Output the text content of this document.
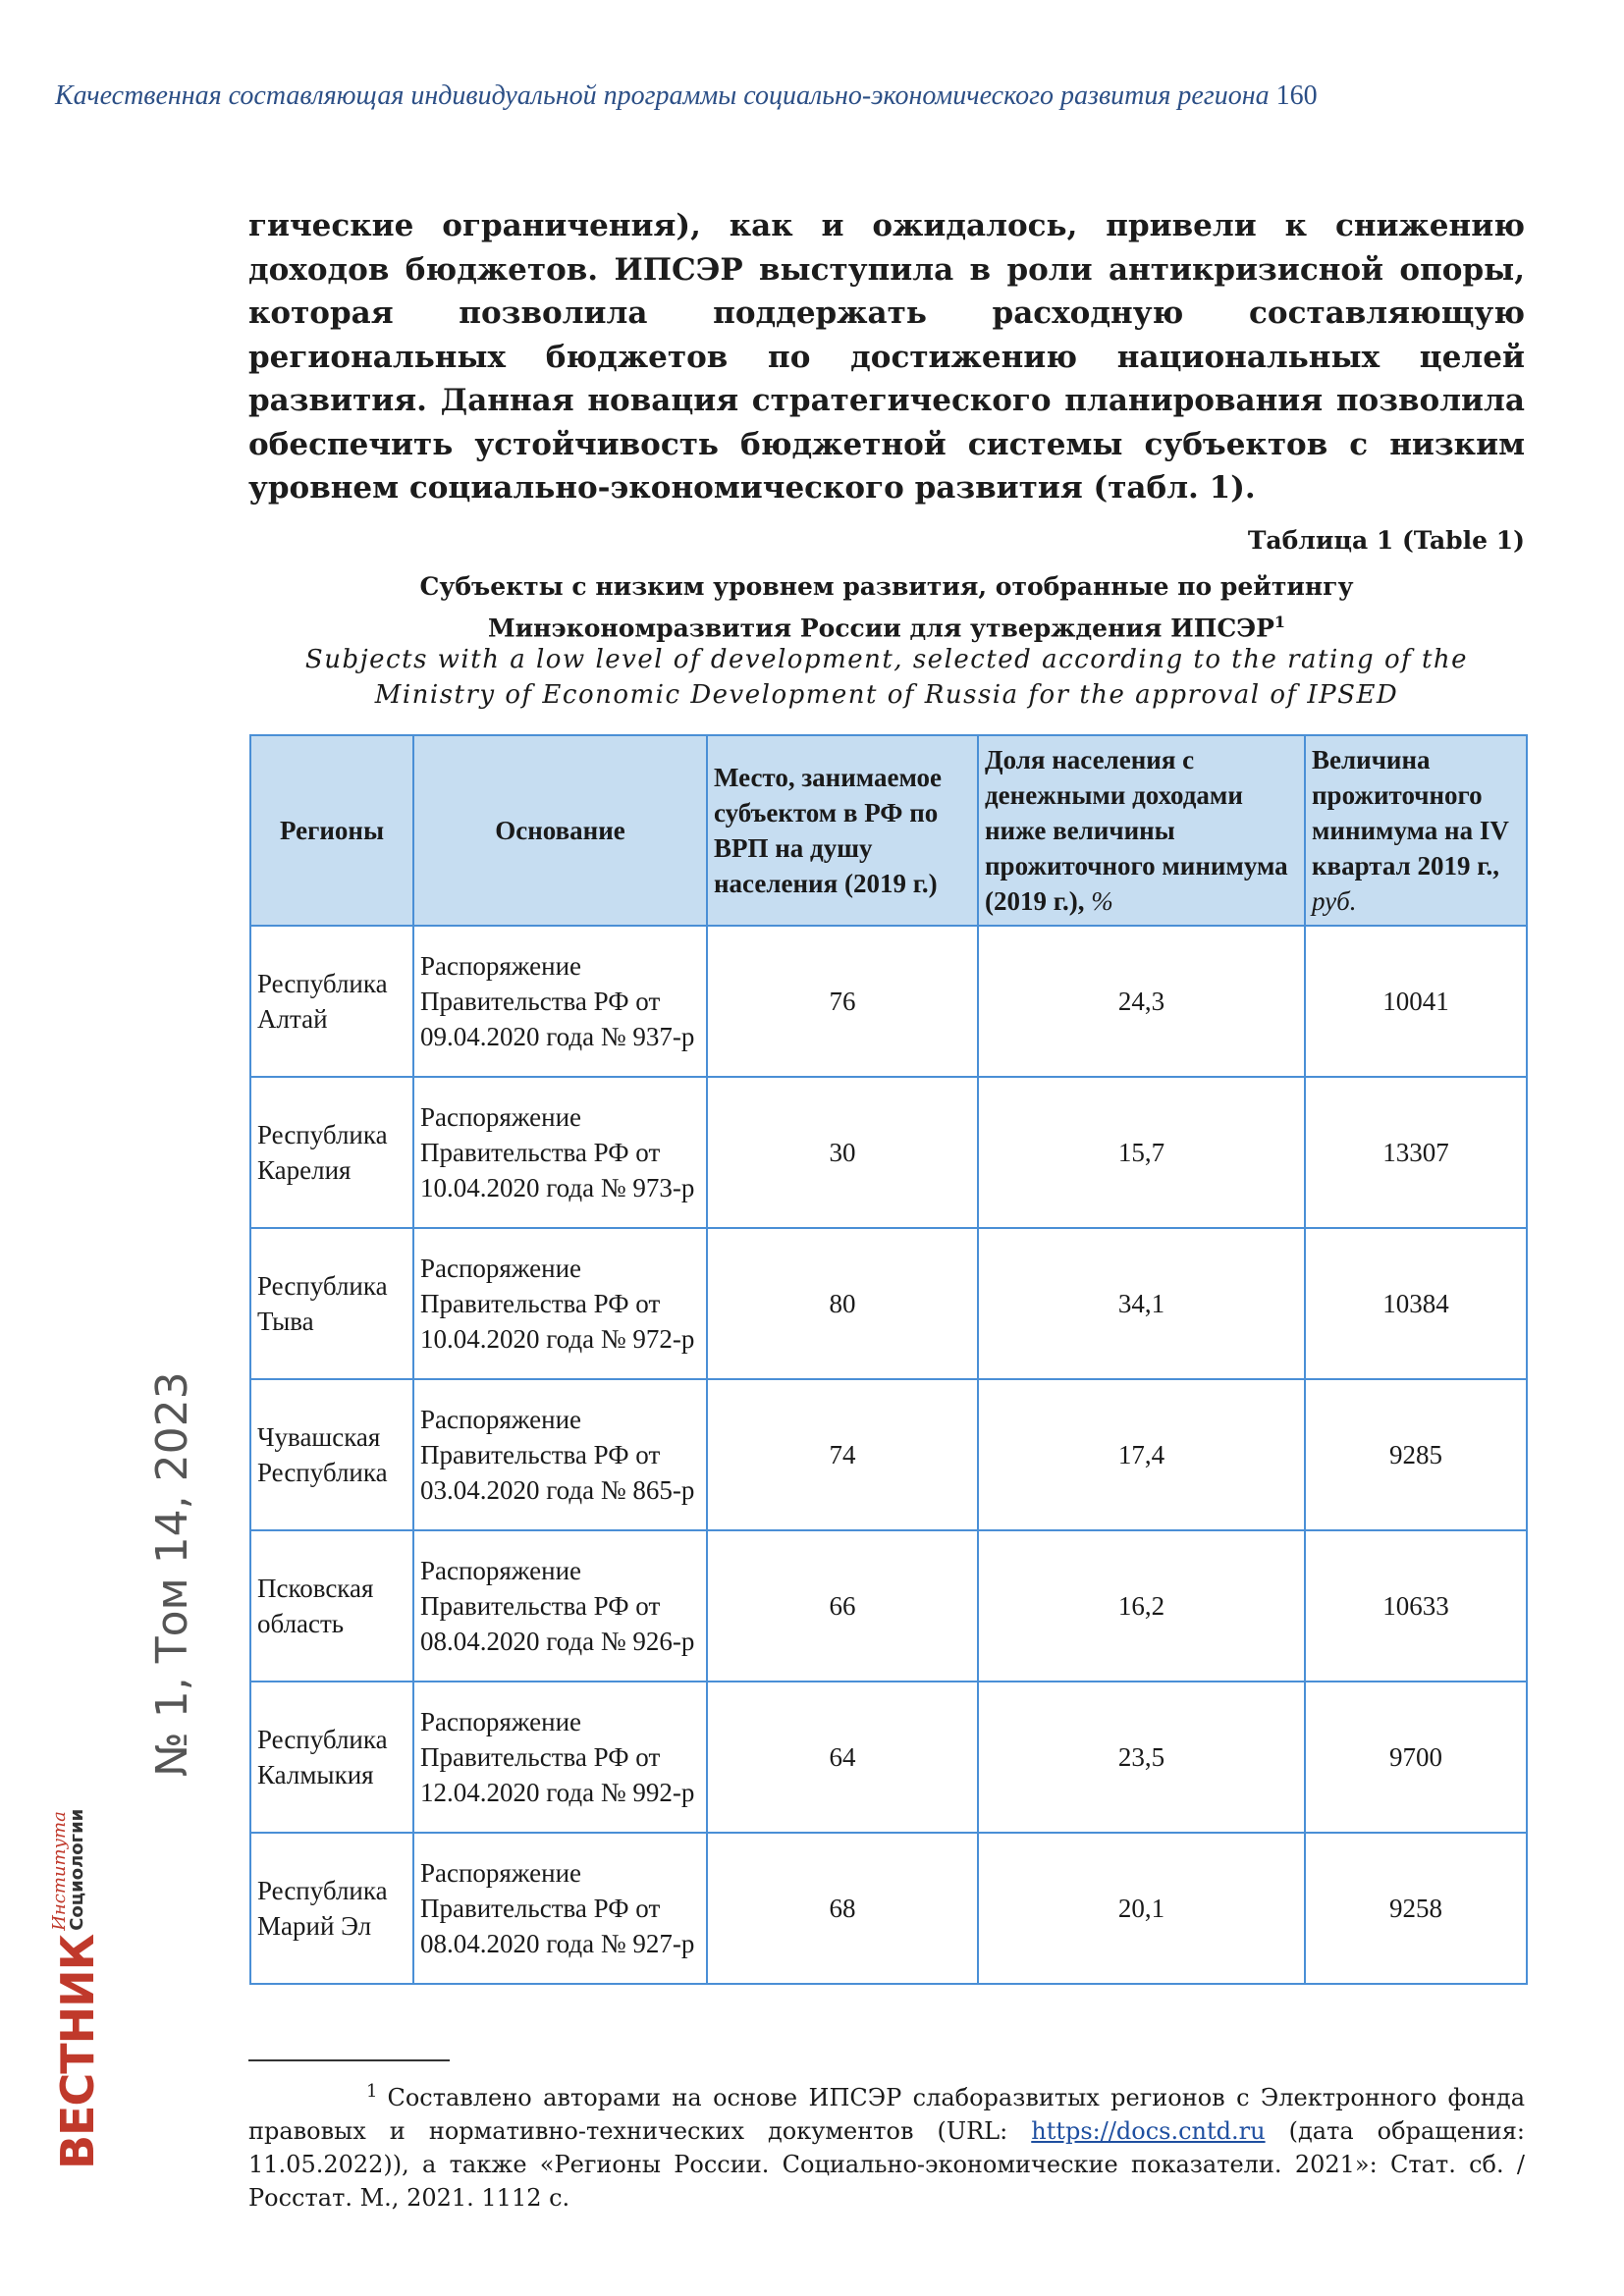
Качественная составляющая индивидуальной программы социально-экономического развития региона 160
гические ограничения), как и ожидалось, привели к снижению доходов бюджетов. ИПСЭР выступила в роли антикризисной опоры, которая позволила поддержать расходную составляющую региональных бюджетов по достижению национальных целей развития. Данная новация стратегического планирования позволила обеспечить устойчивость бюджетной системы субъектов с низким уровнем социально-экономического развития (табл. 1).
Таблица 1 (Table 1)
Субъекты с низким уровнем развития, отобранные по рейтингу
Минэкономразвития России для утверждения ИПСЭР$^1$
Subjects with a low level of development, selected according to the rating of the
Ministry of Economic Development of Russia for the approval of IPSED
Регионы	Основание	Место, занимаемое субъектом в РФ по ВРП на душу населения (2019 г.)	Доля населения с денежными доходами ниже величины прожиточного минимума (2019 г.), %	Величина прожиточного минимума на IV квартал 2019 г., руб.
Республика Алтай	Распоряжение Правительства РФ от 09.04.2020 года № 937-р	76	24,3	10041
Республика Карелия	Распоряжение Правительства РФ от 10.04.2020 года № 973-р	30	15,7	13307
Республика Тыва	Распоряжение Правительства РФ от 10.04.2020 года № 972-р	80	34,1	10384
Чувашская Республика	Распоряжение Правительства РФ от 03.04.2020 года № 865-р	74	17,4	9285
Псковская область	Распоряжение Правительства РФ от 08.04.2020 года № 926-р	66	16,2	10633
Республика Калмыкия	Распоряжение Правительства РФ от 12.04.2020 года № 992-р	64	23,5	9700
Республика Марий Эл	Распоряжение Правительства РФ от 08.04.2020 года № 927-р	68	20,1	9258
$^1$ Составлено авторами на основе ИПСЭР слаборазвитых регионов с Электронного фонда правовых и нормативно-технических документов (URL: https://docs.cntd.ru (дата обращения: 11.05.2022)), а также «Регионы России. Социально-экономические показатели. 2021»: Стат. сб. / Росстат. М., 2021. 1112 с.
№ 1, Том 14, 2023
ВЕСТНИК
Института
Социологии
